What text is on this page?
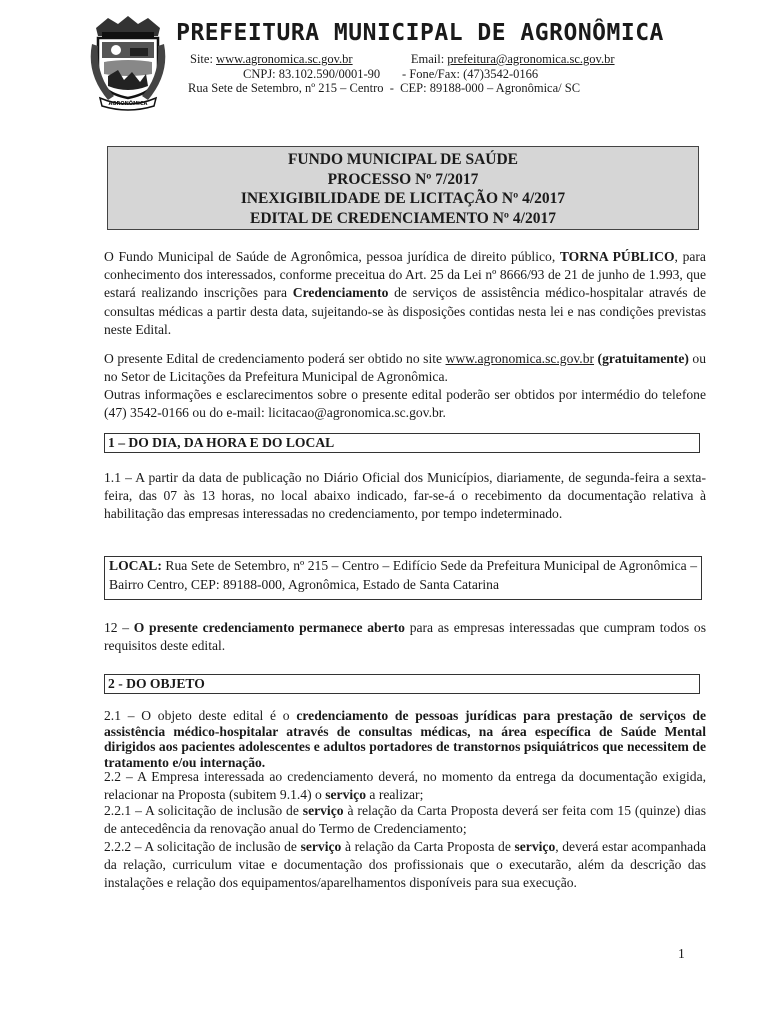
AGRONÔMICA
PREFEITURA MUNICIPAL DE AGRONÔMICA
Site: www.agronomica.sc.gov.br	Email: prefeitura@agronomica.sc.gov.br
CNPJ: 83.102.590/0001-90       - Fone/Fax: (47)3542-0166
Rua Sete de Setembro, nº 215 – Centro  -  CEP: 89188-000 – Agronômica/ SC
FUNDO MUNICIPAL DE SAÚDE
PROCESSO Nº 7/2017
INEXIGIBILIDADE DE LICITAÇÃO Nº 4/2017
EDITAL DE CREDENCIAMENTO Nº 4/2017
O Fundo Municipal de Saúde de Agronômica, pessoa jurídica de direito público, TORNA PÚBLICO, para conhecimento dos interessados, conforme preceitua do Art. 25 da Lei nº 8666/93 de 21 de junho de 1.993, que estará realizando inscrições para Credenciamento de serviços de assistência médico-hospitalar através de consultas médicas a partir desta data, sujeitando-se às disposições contidas nesta lei e nas condições previstas neste Edital.
O presente Edital de credenciamento poderá ser obtido no site www.agronomica.sc.gov.br (gratuitamente) ou no Setor de Licitações da Prefeitura Municipal de Agronômica.
Outras informações e esclarecimentos sobre o presente edital poderão ser obtidos por intermédio do telefone (47) 3542-0166 ou do e-mail: licitacao@agronomica.sc.gov.br.
1 – DO DIA, DA HORA E DO LOCAL
1.1 – A partir da data de publicação no Diário Oficial dos Municípios, diariamente, de segunda-feira a sexta-feira, das 07 às 13 horas, no local abaixo indicado, far-se-á o recebimento da documentação relativa à habilitação das empresas interessadas no credenciamento, por tempo indeterminado.
LOCAL: Rua Sete de Setembro, nº 215 – Centro – Edifício Sede da Prefeitura Municipal de Agronômica – Bairro Centro, CEP: 89188-000, Agronômica, Estado de Santa Catarina
12 – O presente credenciamento permanece aberto para as empresas interessadas que cumpram todos os requisitos deste edital.
2 - DO OBJETO
2.1 – O objeto deste edital é o credenciamento de pessoas jurídicas para prestação de serviços de assistência médico-hospitalar através de consultas médicas, na área específica de Saúde Mental dirigidos aos pacientes adolescentes e adultos portadores de transtornos psiquiátricos que necessitem de tratamento e/ou internação.
2.2 – A Empresa interessada ao credenciamento deverá, no momento da entrega da documentação exigida, relacionar na Proposta (subitem 9.1.4) o serviço a realizar;
2.2.1 – A solicitação de inclusão de serviço à relação da Carta Proposta deverá ser feita com 15 (quinze) dias de antecedência da renovação anual do Termo de Credenciamento;
2.2.2 – A solicitação de inclusão de serviço à relação da Carta Proposta de serviço, deverá estar acompanhada da relação, curriculum vitae e documentação dos profissionais que o executarão, além da descrição das instalações e relação dos equipamentos/aparelhamentos disponíveis para sua execução.
1
